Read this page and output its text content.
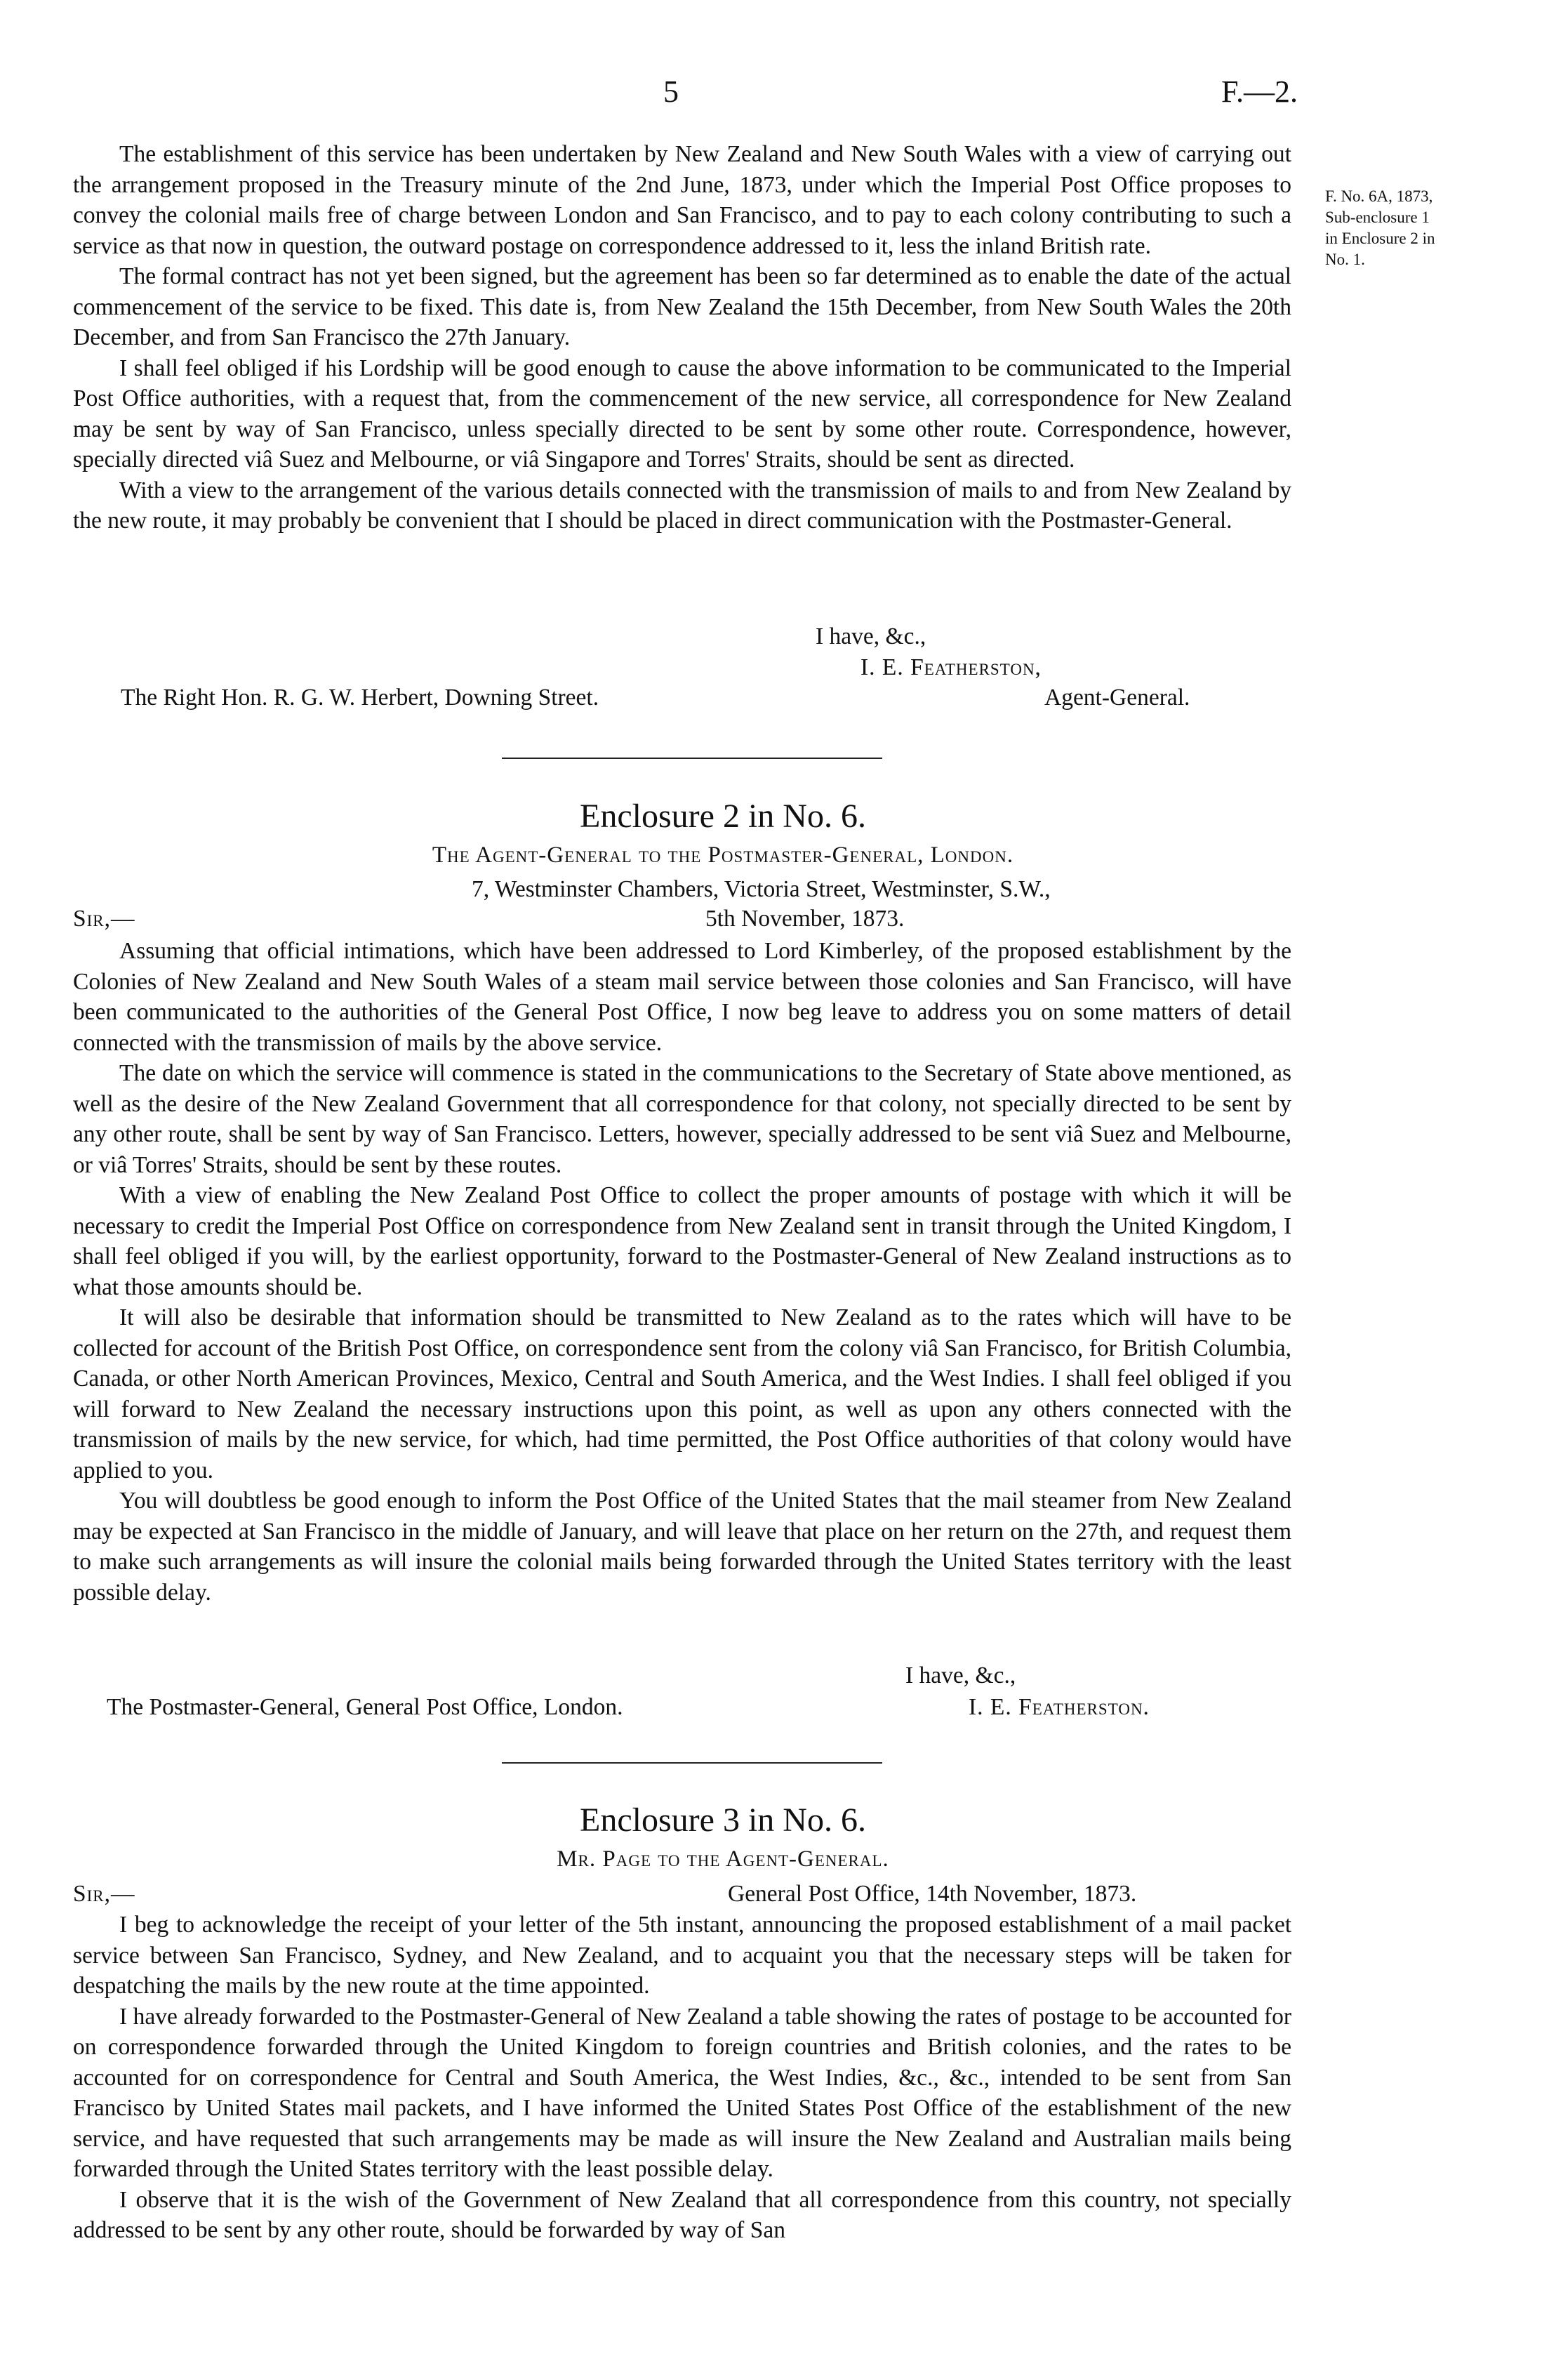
5	F.—2.

The establishment of this service has been undertaken by New Zealand and New South Wales with a view of carrying out the arrangement proposed in the Treasury minute of the 2nd June, 1873, under which the Imperial Post Office proposes to convey the colonial mails free of charge between London and San Francisco, and to pay to each colony contributing to such a service as that now in question, the outward postage on correspondence addressed to it, less the inland British rate.

The formal contract has not yet been signed, but the agreement has been so far determined as to enable the date of the actual commencement of the service to be fixed. This date is, from New Zealand the 15th December, from New South Wales the 20th December, and from San Francisco the 27th January.

I shall feel obliged if his Lordship will be good enough to cause the above information to be communicated to the Imperial Post Office authorities, with a request that, from the commencement of the new service, all correspondence for New Zealand may be sent by way of San Francisco, unless specially directed to be sent by some other route. Correspondence, however, specially directed viâ Suez and Melbourne, or viâ Singapore and Torres' Straits, should be sent as directed.

With a view to the arrangement of the various details connected with the transmission of mails to and from New Zealand by the new route, it may probably be convenient that I should be placed in direct communication with the Postmaster-General.

F. No. 6A, 1873,
Sub-enclosure 1
in Enclosure 2 in
No. 1.
I have, &c.,
I. E. Featherston,
The Right Hon. R. G. W. Herbert, Downing Street.	Agent-General.
Enclosure 2 in No. 6.
The Agent-General to the Postmaster-General, London.
7, Westminster Chambers, Victoria Street, Westminster, S.W.,
Sir,—	5th November, 1873.

Assuming that official intimations, which have been addressed to Lord Kimberley, of the proposed establishment by the Colonies of New Zealand and New South Wales of a steam mail service between those colonies and San Francisco, will have been communicated to the authorities of the General Post Office, I now beg leave to address you on some matters of detail connected with the transmission of mails by the above service.

The date on which the service will commence is stated in the communications to the Secretary of State above mentioned, as well as the desire of the New Zealand Government that all correspondence for that colony, not specially directed to be sent by any other route, shall be sent by way of San Francisco. Letters, however, specially addressed to be sent viâ Suez and Melbourne, or viâ Torres' Straits, should be sent by these routes.

With a view of enabling the New Zealand Post Office to collect the proper amounts of postage with which it will be necessary to credit the Imperial Post Office on correspondence from New Zealand sent in transit through the United Kingdom, I shall feel obliged if you will, by the earliest opportunity, forward to the Postmaster-General of New Zealand instructions as to what those amounts should be.

It will also be desirable that information should be transmitted to New Zealand as to the rates which will have to be collected for account of the British Post Office, on correspondence sent from the colony viâ San Francisco, for British Columbia, Canada, or other North American Provinces, Mexico, Central and South America, and the West Indies. I shall feel obliged if you will forward to New Zealand the necessary instructions upon this point, as well as upon any others connected with the transmission of mails by the new service, for which, had time permitted, the Post Office authorities of that colony would have applied to you.

You will doubtless be good enough to inform the Post Office of the United States that the mail steamer from New Zealand may be expected at San Francisco in the middle of January, and will leave that place on her return on the 27th, and request them to make such arrangements as will insure the colonial mails being forwarded through the United States territory with the least possible delay.

I have, &c.,
The Postmaster-General, General Post Office, London.	I. E. Featherston.
Enclosure 3 in No. 6.
Mr. Page to the Agent-General.
Sir,—	General Post Office, 14th November, 1873.

I beg to acknowledge the receipt of your letter of the 5th instant, announcing the proposed establishment of a mail packet service between San Francisco, Sydney, and New Zealand, and to acquaint you that the necessary steps will be taken for despatching the mails by the new route at the time appointed.

I have already forwarded to the Postmaster-General of New Zealand a table showing the rates of postage to be accounted for on correspondence forwarded through the United Kingdom to foreign countries and British colonies, and the rates to be accounted for on correspondence for Central and South America, the West Indies, &c., &c., intended to be sent from San Francisco by United States mail packets, and I have informed the United States Post Office of the establishment of the new service, and have requested that such arrangements may be made as will insure the New Zealand and Australian mails being forwarded through the United States territory with the least possible delay.

I observe that it is the wish of the Government of New Zealand that all correspondence from this country, not specially addressed to be sent by any other route, should be forwarded by way of San
